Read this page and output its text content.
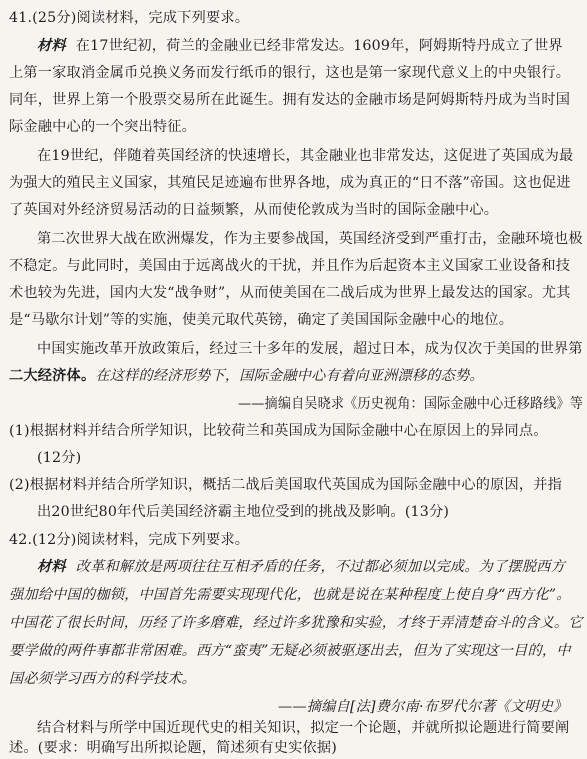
41.(25分)阅读材料，完成下列要求。
材料 在17世纪初，荷兰的金融业已经非常发达。1609年，阿姆斯特丹成立了世界
上第一家取消金属币兑换义务而发行纸币的银行，这也是第一家现代意义上的中央银行。
同年，世界上第一个股票交易所在此诞生。拥有发达的金融市场是阿姆斯特丹成为当时国
际金融中心的一个突出特征。
在19世纪，伴随着英国经济的快速增长，其金融业也非常发达，这促进了英国成为最
为强大的殖民主义国家，其殖民足迹遍布世界各地，成为真正的“日不落”帝国。这也促进
了英国对外经济贸易活动的日益频繁，从而使伦敦成为当时的国际金融中心。
第二次世界大战在欧洲爆发，作为主要参战国，英国经济受到严重打击，金融环境也极
不稳定。与此同时，美国由于远离战火的干扰，并且作为后起资本主义国家工业设备和技
术也较为先进，国内大发“战争财”，从而使美国在二战后成为世界上最发达的国家。尤其
是“马歇尔计划”等的实施，使美元取代英镑，确定了美国国际金融中心的地位。
中国实施改革开放政策后，经过三十多年的发展，超过日本，成为仅次于美国的世界第
二大经济体。在这样的经济形势下，国际金融中心有着向亚洲漂移的态势。
——摘编自吴晓求《历史视角：国际金融中心迁移路线》等
(1)根据材料并结合所学知识，比较荷兰和英国成为国际金融中心在原因上的异同点。
(12分)
(2)根据材料并结合所学知识，概括二战后美国取代英国成为国际金融中心的原因，并指
出20世纪80年代后美国经济霸主地位受到的挑战及影响。(13分)
42.(12分)阅读材料，完成下列要求。
材料 改革和解放是两项往往互相矛盾的任务，不过都必须加以完成。为了摆脱西方
强加给中国的枷锁，中国首先需要实现现代化，也就是说在某种程度上使自身“西方化”。
中国花了很长时间，历经了许多磨难，经过许多犹豫和实验，才终于弄清楚奋斗的含义。它
要学做的两件事都非常困难。西方“蛮夷”无疑必须被驱逐出去，但为了实现这一目的，中
国必须学习西方的科学技术。
——摘编自[法]费尔南·布罗代尔著《文明史》
结合材料与所学中国近现代史的相关知识，拟定一个论题，并就所拟论题进行简要阐
述。(要求：明确写出所拟论题，简述须有史实依据)
